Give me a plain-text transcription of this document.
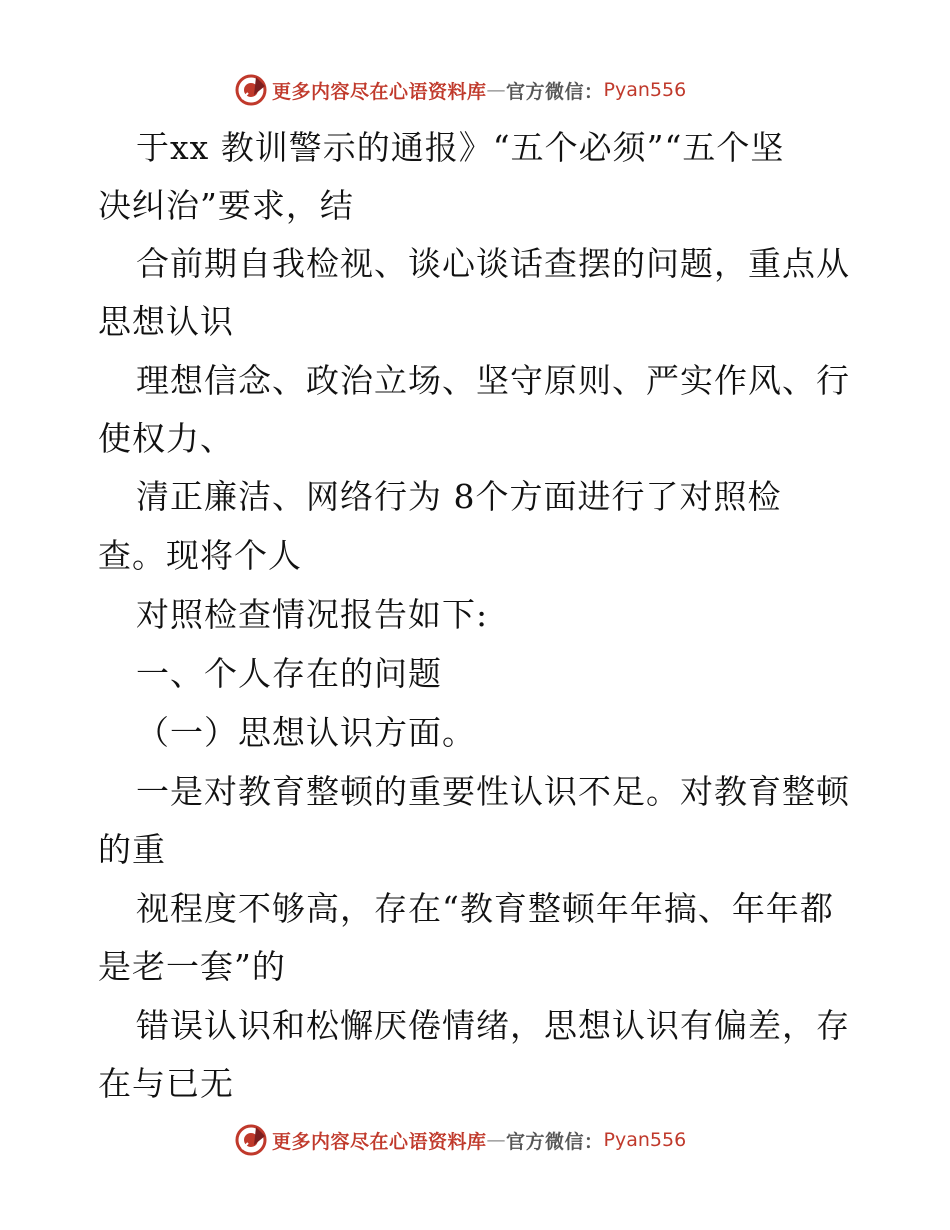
更多内容尽在心语资料库 — 官方微信： Pyan556
于xx 教训警示的通报》“五个必须”“五个坚
决纠治”要求，结
合前期自我检视、谈心谈话查摆的问题，重点从
思想认识
理想信念、政治立场、坚守原则、严实作风、行
使权力、
清正廉洁、网络行为 8个方面进行了对照检
查。现将个人
对照检查情况报告如下:
一、个人存在的问题
（一）思想认识方面。
一是对教育整顿的重要性认识不足。对教育整顿
的重
视程度不够高，存在“教育整顿年年搞、年年都
是老一套”的
错误认识和松懈厌倦情绪，思想认识有偏差，存
在与已无
更多内容尽在心语资料库 — 官方微信： Pyan556
